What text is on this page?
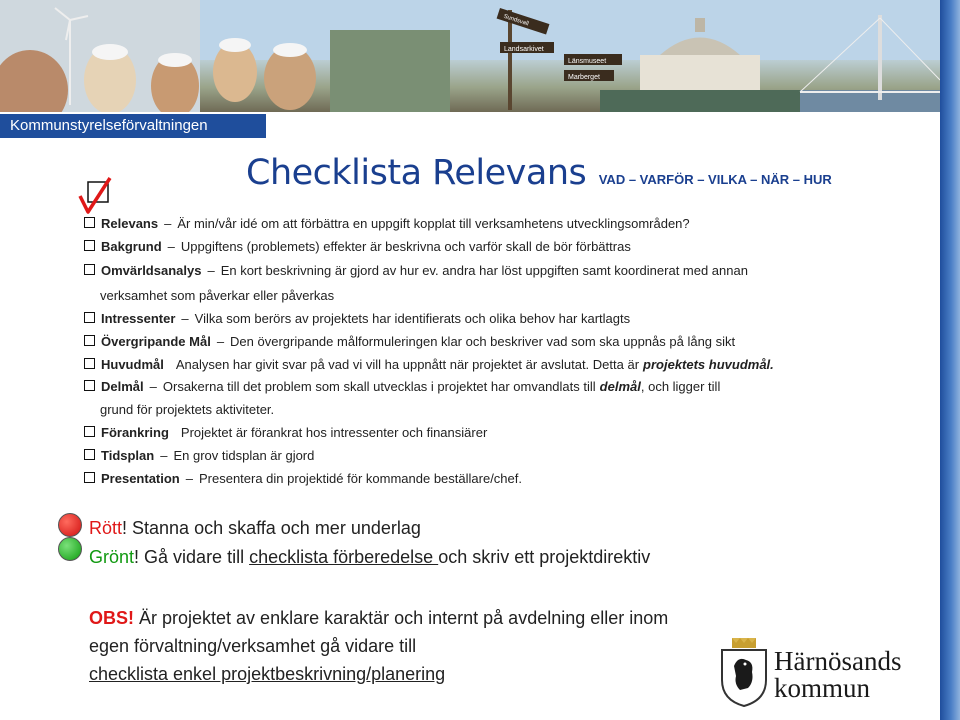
Sundsvall
Landsarkivet
Länsmuseet
Marberget
Kommunstyrelseförvaltningen
Checklista Relevans VAD – VARFÖR – VILKA – NÄR – HUR
Relevans – Är min/vår idé om att förbättra en uppgift kopplat till verksamhetens utvecklingsområden?
Bakgrund – Uppgiftens (problemets) effekter är beskrivna och varför skall de bör förbättras
Omvärldsanalys – En kort beskrivning är gjord av hur ev. andra har löst uppgiften samt koordinerat med annan
verksamhet som påverkar eller påverkas
Intressenter – Vilka som berörs av projektets har identifierats och olika behov har kartlagts
Övergripande Mål – Den övergripande målformuleringen klar och beskriver vad som ska uppnås på lång sikt
Huvudmål Analysen har givit svar på vad vi vill ha uppnått när projektet är avslutat. Detta är projektets huvudmål.
Delmål – Orsakerna till det problem som skall utvecklas i projektet har omvandlats till delmål , och ligger till
grund för projektets aktiviteter.
Förankring Projektet är förankrat hos intressenter och finansiärer
Tidsplan – En grov tidsplan är gjord
Presentation – Presentera din projektidé för kommande beställare/chef.
Rött! Stanna och skaffa och mer underlag
Grönt! Gå vidare till checklista förberedelse och skriv ett projektdirektiv
OBS! Är projektet av enklare karaktär och internt på avdelning eller inom
egen förvaltning/verksamhet gå vidare till
checklista enkel projektbeskrivning/planering	Härnösands
kommun
